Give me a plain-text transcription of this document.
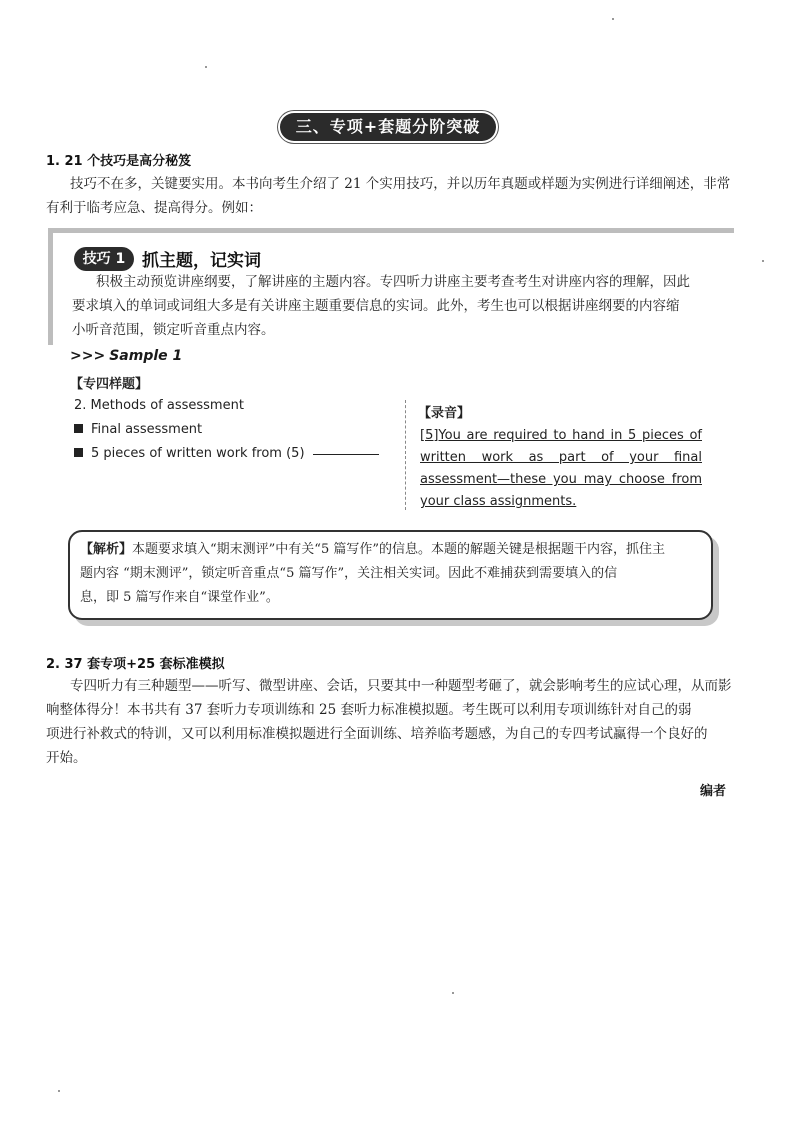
三、专项+套题分阶突破
1. 21 个技巧是高分秘笈
技巧不在多，关键要实用。本书向考生介绍了 21 个实用技巧，并以历年真题或样题为实例进行详细阐述，非常
有利于临考应急、提高得分。例如：
技巧 1 抓主题，记实词
积极主动预览讲座纲要，了解讲座的主题内容。专四听力讲座主要考查考生对讲座内容的理解，因此
要求填入的单词或词组大多是有关讲座主题重要信息的实词。此外，考生也可以根据讲座纲要的内容缩
小听音范围，锁定听音重点内容。
>>> Sample 1
【专四样题】
2. Methods of assessment
Final assessment
5 pieces of written work from (5)
【录音】
[5]You are required to hand in 5 pieces of written work as part of your final assessment—these you may choose from your class assignments.
【解析】本题要求填入“期末测评”中有关“5 篇写作”的信息。本题的解题关键是根据题干内容，抓住主
题内容 “期末测评”，锁定听音重点“5 篇写作”，关注相关实词。因此不难捕获到需要填入的信
息，即 5 篇写作来自“课堂作业”。
2. 37 套专项+25 套标准模拟
专四听力有三种题型——听写、微型讲座、会话，只要其中一种题型考砸了，就会影响考生的应试心理，从而影
响整体得分！本书共有 37 套听力专项训练和 25 套听力标准模拟题。考生既可以利用专项训练针对自己的弱
项进行补救式的特训，又可以利用标准模拟题进行全面训练、培养临考题感，为自己的专四考试赢得一个良好的
开始。
编者
